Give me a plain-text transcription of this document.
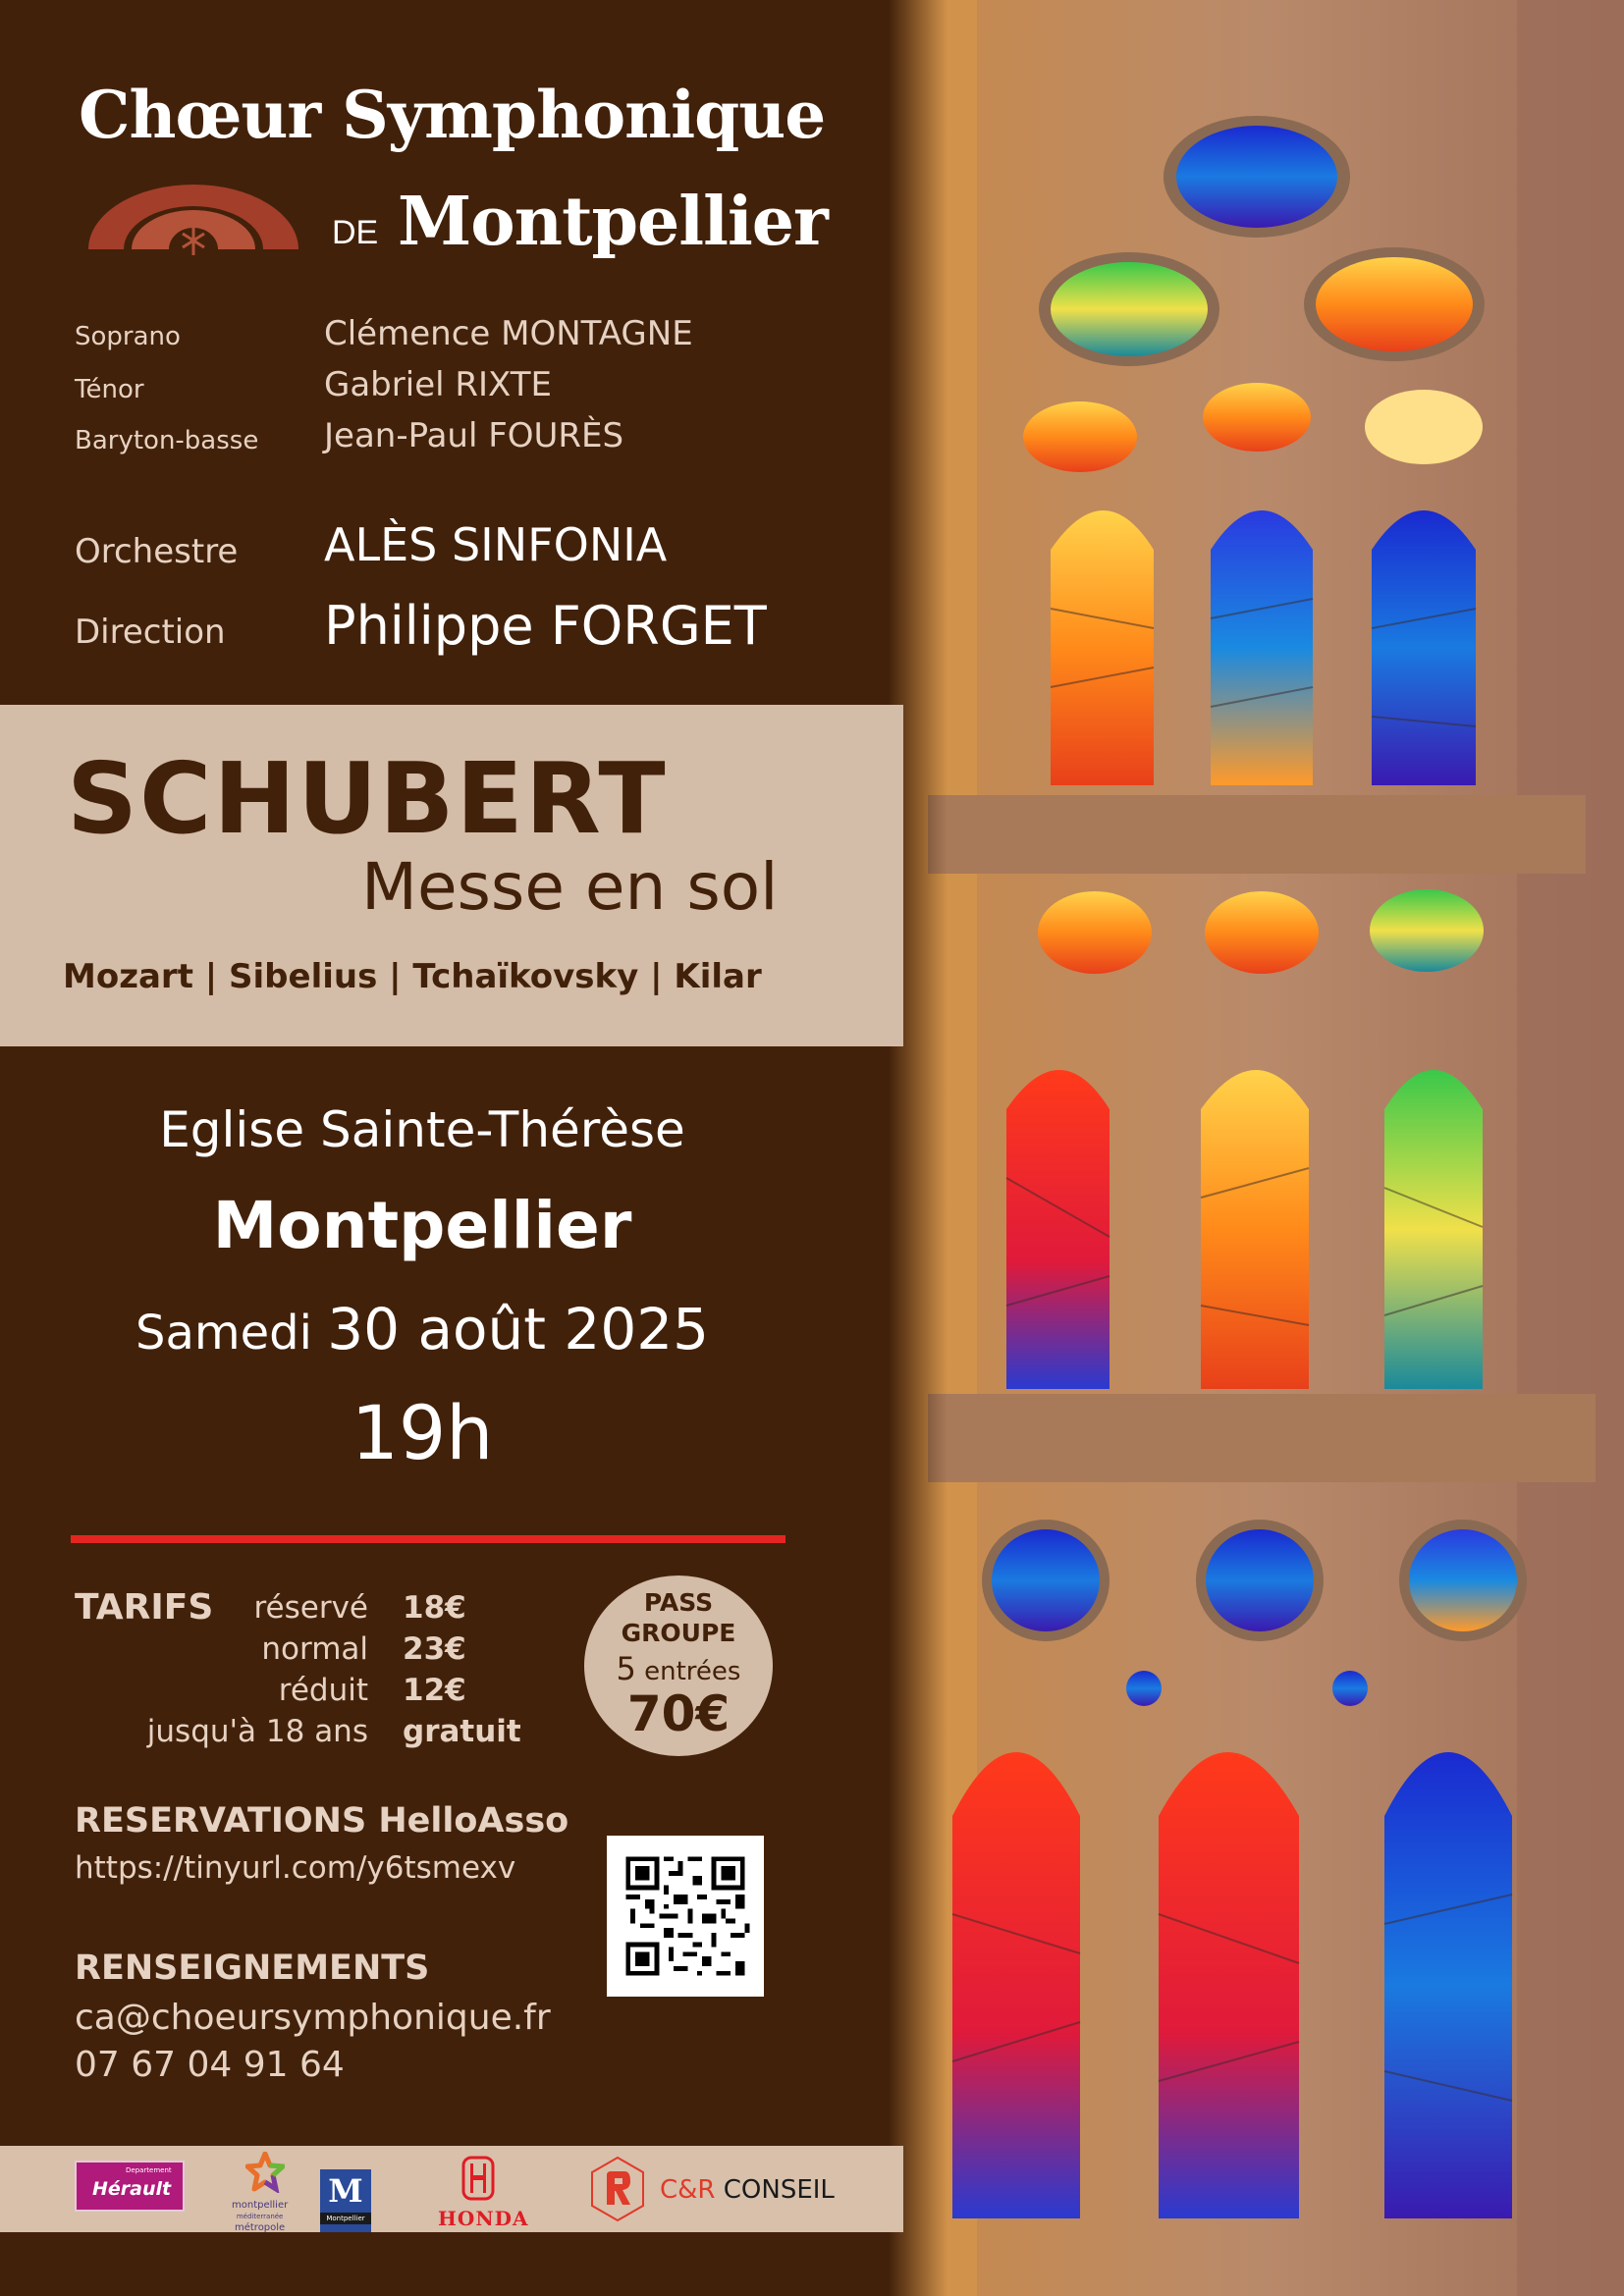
Chœur Symphonique
DE Montpellier
Soprano	Clémence MONTAGNE
Ténor	Gabriel RIXTE
Baryton-basse Jean-Paul FOURÈS
Orchestre ALÈS SINFONIA
Direction Philippe FORGET
SCHUBERT
Messe en sol
Mozart | Sibelius | Tchaïkovsky | Kilar
Eglise Sainte-Thérèse
Montpellier
Samedi 30 août 2025
19h
TARIFS réservé 18€
normal 23€
réduit 12€
jusqu'à 18 ans gratuit
PASS
GROUPE
5 entrées
70€
RESERVATIONS HelloAsso
https://tinyurl.com/y6tsmexv
RENSEIGNEMENTS
ca@choeursymphonique.fr
07 67 04 91 64
Departement
Hérault
montpellier
méditerranée
métropole
M
Montpellier	HONDA
C&R CONSEIL
